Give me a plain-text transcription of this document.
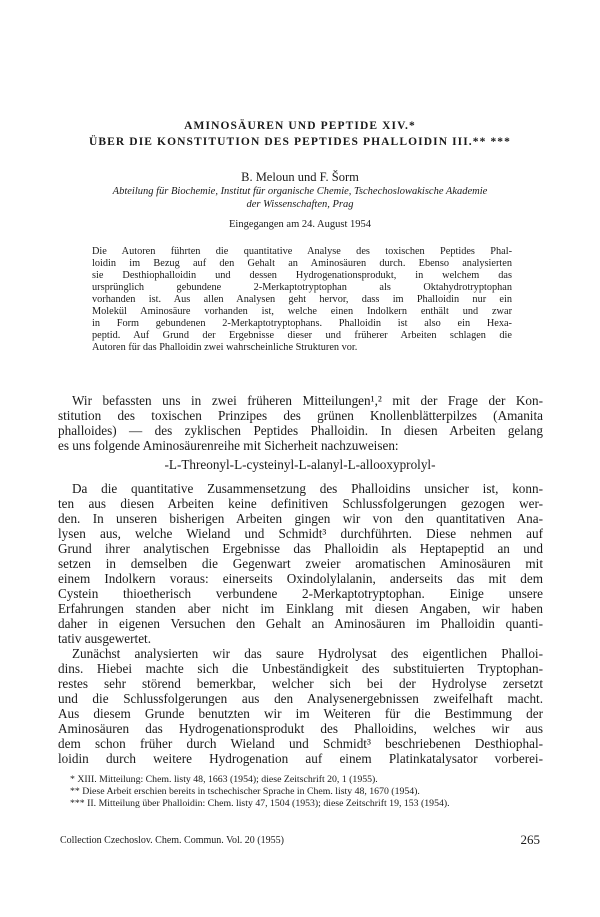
AMINOSÄUREN UND PEPTIDE XIV.*
ÜBER DIE KONSTITUTION DES PEPTIDES PHALLOIDIN III.** ***
B. Meloun und F. Šorm
Abteilung für Biochemie, Institut für organische Chemie, Tschechoslowakische Akademie
der Wissenschaften, Prag
Eingegangen am 24. August 1954
Die Autoren führten die quantitative Analyse des toxischen Peptides Phal-
loidin im Bezug auf den Gehalt an Aminosäuren durch. Ebenso analysierten
sie Desthiophalloidin und dessen Hydrogenationsprodukt, in welchem das
ursprünglich gebundene 2-Merkaptotryptophan als Oktahydrotryptophan
vorhanden ist. Aus allen Analysen geht hervor, dass im Phalloidin nur ein
Molekül Aminosäure vorhanden ist, welche einen Indolkern enthält und zwar
in Form gebundenen 2-Merkaptotryptophans. Phalloidin ist also ein Hexa-
peptid. Auf Grund der Ergebnisse dieser und früherer Arbeiten schlagen die
Autoren für das Phalloidin zwei wahrscheinliche Strukturen vor.
Wir befassten uns in zwei früheren Mitteilungen¹,² mit der Frage der Kon-
stitution des toxischen Prinzipes des grünen Knollenblätterpilzes (Amanita
phalloides) — des zyklischen Peptides Phalloidin. In diesen Arbeiten gelang
es uns folgende Aminosäurenreihe mit Sicherheit nachzuweisen:
-L-Threonyl-L-cysteinyl-L-alanyl-L-allooxyprolyl-
Da die quantitative Zusammensetzung des Phalloidins unsicher ist, konn-
ten aus diesen Arbeiten keine definitiven Schlussfolgerungen gezogen wer-
den. In unseren bisherigen Arbeiten gingen wir von den quantitativen Ana-
lysen aus, welche Wieland und Schmidt³ durchführten. Diese nehmen auf
Grund ihrer analytischen Ergebnisse das Phalloidin als Heptapeptid an und
setzen in demselben die Gegenwart zweier aromatischen Aminosäuren mit
einem Indolkern voraus: einerseits Oxindolylalanin, anderseits das mit dem
Cystein thioetherisch verbundene 2-Merkaptotryptophan. Einige unsere
Erfahrungen standen aber nicht im Einklang mit diesen Angaben, wir haben
daher in eigenen Versuchen den Gehalt an Aminosäuren im Phalloidin quanti-
tativ ausgewertet.
Zunächst analysierten wir das saure Hydrolysat des eigentlichen Phalloi-
dins. Hiebei machte sich die Unbeständigkeit des substituierten Tryptophan-
restes sehr störend bemerkbar, welcher sich bei der Hydrolyse zersetzt
und die Schlussfolgerungen aus den Analysenergebnissen zweifelhaft macht.
Aus diesem Grunde benutzten wir im Weiteren für die Bestimmung der
Aminosäuren das Hydrogenationsprodukt des Phalloidins, welches wir aus
dem schon früher durch Wieland und Schmidt³ beschriebenen Desthiophal-
loidin durch weitere Hydrogenation auf einem Platinkatalysator vorberei-
* XIII. Mitteilung: Chem. listy 48, 1663 (1954); diese Zeitschrift 20, 1 (1955).
** Diese Arbeit erschien bereits in tschechischer Sprache in Chem. listy 48, 1670 (1954).
*** II. Mitteilung über Phalloidin: Chem. listy 47, 1504 (1953); diese Zeitschrift 19, 153 (1954).
Collection Czechoslov. Chem. Commun. Vol. 20 (1955)	265
